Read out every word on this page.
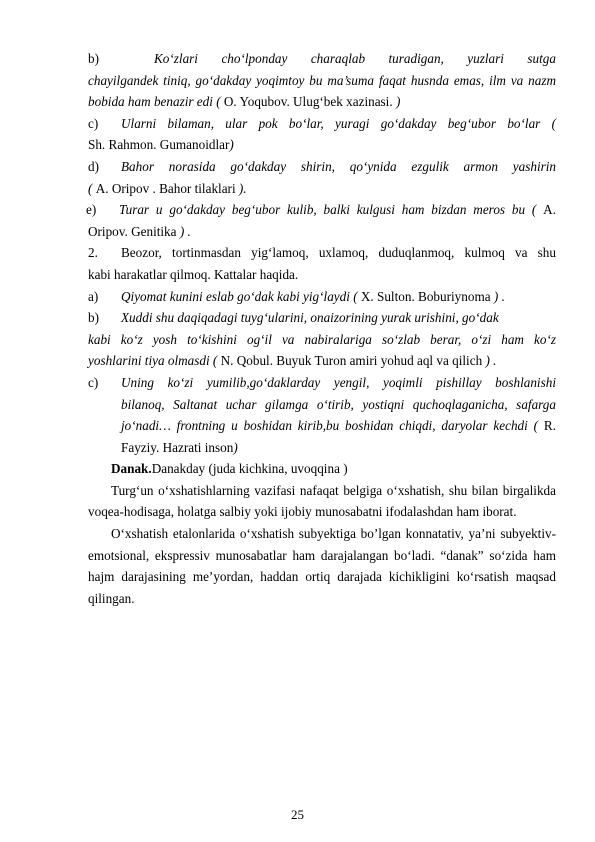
b)	Ko‘zlari cho‘lponday charaqlab turadigan, yuzlari sutga

chayilgandek tiniq, go‘dakday yoqimtoy bu ma’suma faqat husnda emas, ilm va nazm bobida ham benazir edi ( O. Yoqubov. Ulug‘bek xazinasi. )

c) Ularni bilaman, ular pok bo‘lar, yuragi go‘dakday beg‘ubor bo‘lar (

Sh. Rahmon. Gumanoidlar)

d) Bahor norasida go‘dakday shirin, qo‘ynida ezgulik armon yashirin

( A. Oripov . Bahor tilaklari ).

e) Turar u go‘dakday beg‘ubor kulib, balki kulgusi ham bizdan meros bu ( A.

Oripov. Genitika ) .

2. Beozor, tortinmasdan yig‘lamoq, uxlamoq, duduqlanmoq, kulmoq va shu

kabi harakatlar qilmoq. Kattalar haqida.

a) Qiyomat kunini eslab go‘dak kabi yig‘laydi ( X. Sulton. Boburiynoma ) .

b) Xuddi shu daqiqadagi tuyg‘ularini, onaizorining yurak urishini, go‘dak

kabi ko‘z yosh to‘kishini og‘il va nabiralariga so‘zlab berar, o‘zi ham ko‘z

yoshlarini tiya olmasdi ( N. Qobul. Buyuk Turon amiri yohud aql va qilich ) .

c) Uning ko‘zi yumilib,go‘daklarday yengil, yoqimli pishillay boshlanishi

bilanoq, Saltanat uchar gilamga o‘tirib, yostiqni quchoqlaganicha, safarga

jo‘nadi… frontning u boshidan kirib,bu boshidan chiqdi, daryolar kechdi ( R.

Fayziy. Hazrati inson)

Danak.Danakday (juda kichkina, uvoqqina )

Turg‘un o‘xshatishlarning vazifasi nafaqat belgiga o‘xshatish, shu bilan birgalikda voqea-hodisaga, holatga salbiy yoki ijobiy munosabatni ifodalashdan ham iborat.

O‘xshatish etalonlarida o‘xshatish subyektiga bo’lgan konnatativ, ya’ni subyektiv-emotsional, ekspressiv munosabatlar ham darajalangan bo‘ladi. “danak” so‘zida ham hajm darajasining me’yordan, haddan ortiq darajada kichikligini ko‘rsatish maqsad qilingan.

25
